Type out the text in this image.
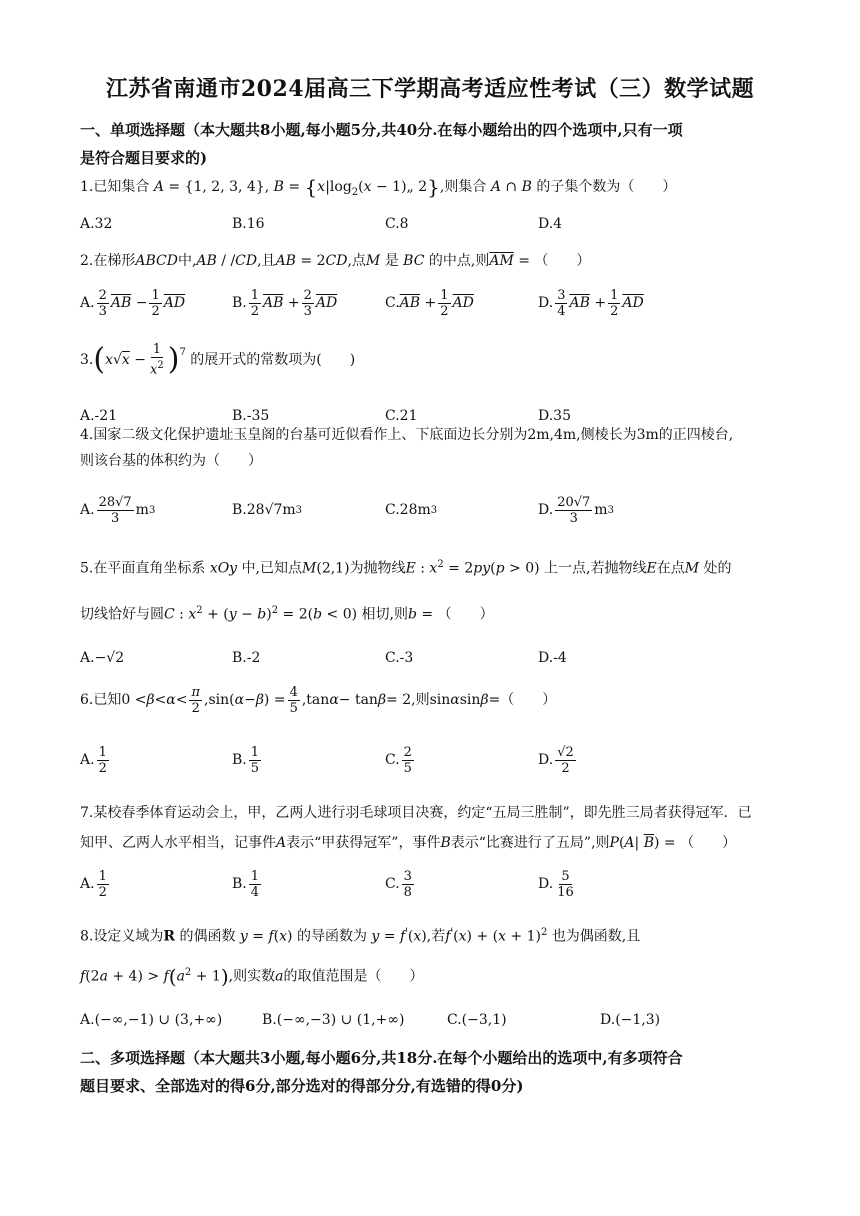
江苏省南通市2024届高三下学期高考适应性考试（三）数学试题
一、单项选择题（本大题共8小题,每小题5分,共40分.在每小题给出的四个选项中,只有一项
是符合题目要求的)
1.已知集合 A = {1, 2, 3, 4}, $B = \{x|\log_2(x$ − 1)„ 2},则集合 A ∩ B 的子集个数为（　　）
A.32	B.16	C.8	D.4
2.在梯形ABCD中,AB / /CD,且AB = 2CD,点M 是 BC 的中点,则$\overline{AM}$ = （　　）
A. $\frac{2}{3} \overline{AB} - \frac{1}{2} \overline{AD}$	B. $\frac{1}{2} \overline{AB} + \frac{2}{3} \overline{AD}$	C. $\overline{AB} + \frac{1}{2} \overline{AD}$	D. $\frac{3}{4} \overline{AB} + \frac{1}{2} \overline{AD}$
3. ( x √ $x - \frac{1}{x^2} )^7$
的展开式的常数项为(　　)
A.-21	B.-35	C.21	D.35
4.国家二级文化保护遗址玉皇阁的台基可近似看作上、下底面边长分别为2m,4m,侧棱长为3m的正四棱台,
则该台基的体积约为（　　）
A. $\frac{28√7}{3}$ m 3	B. 28√7m 3	C. 28m 3	D. $\frac{20√7}{3}$ m 3
5.在平面直角坐标系 xOy 中,已知点M(2,1)为抛物线E : $x^2 = 2py(p > 0)$ 上一点,若抛物线E在点M 处的
切线恰好与圆C : $x^2 + (y - b)^2 = 2(b < 0)$ 相切,则b = （　　）
A. −√2	B.-2	C.-3	D.-4
6.已知 $0 < \beta < \alpha < \frac{\pi}{2} ,\sin$( α − β ) = $\frac{4}{5} ,\tan$ α − tan β = 2 ,则 sin α sin β = （　　）
A. $\frac{1}{2}$	B. $\frac{1}{5}$	C. $\frac{2}{5}$	D. $\frac{√2}{2}$
7.某校春季体育运动会上，甲，乙两人进行羽毛球项目决赛，约定“五局三胜制”，即先胜三局者获得冠军．已
知甲、乙两人水平相当，记事件A表示“甲获得冠军”，事件B表示“比赛进行了五局”,则P(A| $\overline{B}$) = （　　）
A. $\frac{1}{2}$	B. $\frac{1}{4}$	C. $\frac{3}{8}$	D. $\frac{5}{16}$
8.设定义域为R 的偶函数 y = f(x) 的导函数为 y = f'(x),若$f'(x) + (x + 1)^2$ 也为偶函数,且
$f(2a + 4) > f(a^2 + 1)$,则实数a的取值范围是（　　）
A. (−∞,−1) ∪ (3,+∞)	B. (−∞,−3) ∪ (1,+∞)	C. (−3,1)	D. (−1,3)
二、多项选择题（本大题共3小题,每小题6分,共18分.在每个小题给出的选项中,有多项符合
题目要求、全部选对的得6分,部分选对的得部分分,有选错的得0分)
